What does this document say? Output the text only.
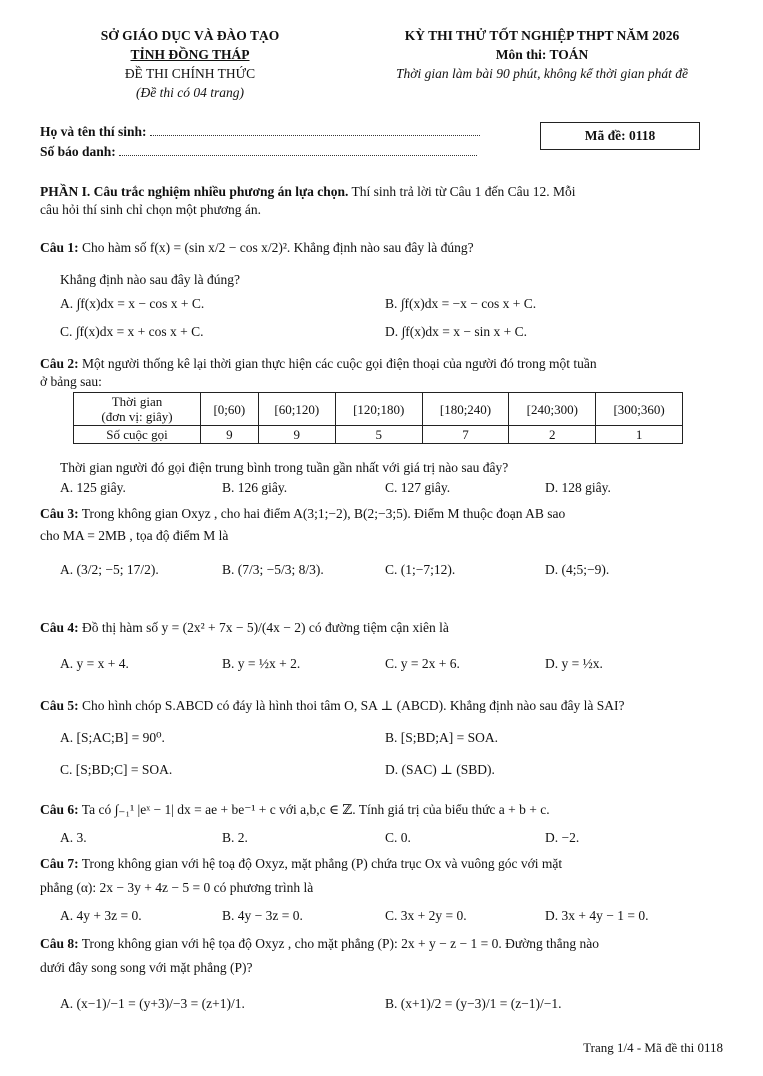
SỞ GIÁO DỤC VÀ ĐÀO TẠO
TỈNH ĐỒNG THÁP
ĐỀ THI CHÍNH THỨC
(Đề thi có 04 trang)
KỲ THI THỬ TỐT NGHIỆP THPT NĂM 2026
Môn thi: TOÁN
Thời gian làm bài 90 phút, không kể thời gian phát đề
Họ và tên thí sinh:
Số báo danh:
Mã đề: 0118
PHẦN I. Câu trắc nghiệm nhiều phương án lựa chọn. Thí sinh trả lời từ Câu 1 đến Câu 12. Mỗi
câu hỏi thí sinh chỉ chọn một phương án.
Câu 1: Cho hàm số f(x) = (sin x/2 − cos x/2)². Khẳng định nào sau đây là đúng?
Khẳng định nào sau đây là đúng?
A. ∫f(x)dx = x − cos x + C.	B. ∫f(x)dx = −x − cos x + C.
C. ∫f(x)dx = x + cos x + C.	D. ∫f(x)dx = x − sin x + C.
Câu 2: Một người thống kê lại thời gian thực hiện các cuộc gọi điện thoại của người đó trong một tuần
ở bảng sau:
Thời gian
(đơn vị: giây)	[0;60)	[60;120)	[120;180)	[180;240)	[240;300)	[300;360)
Số cuộc gọi	9	9	5	7	2	1
Thời gian người đó gọi điện trung bình trong tuần gần nhất với giá trị nào sau đây?
A. 125 giây.	B. 126 giây.	C. 127 giây.	D. 128 giây.
Câu 3: Trong không gian Oxyz , cho hai điểm A(3;1;−2), B(2;−3;5). Điểm M thuộc đoạn AB sao
cho MA = 2MB , tọa độ điểm M là
A. (3/2; −5; 17/2).	B. (7/3; −5/3; 8/3).	C. (1;−7;12).	D. (4;5;−9).
Câu 4: Đồ thị hàm số y = (2x² + 7x − 5)/(4x − 2) có đường tiệm cận xiên là
A. y = x + 4.	B. y = ½x + 2.	C. y = 2x + 6.	D. y = ½x.
Câu 5: Cho hình chóp S.ABCD có đáy là hình thoi tâm O, SA ⊥ (ABCD). Khẳng định nào sau đây là SAI?
A. [S;AC;B] = 90⁰.	B. [S;BD;A] = SOA.
C. [S;BD;C] = SOA.	D. (SAC) ⊥ (SBD).
Câu 6: Ta có ∫₋₁¹ |eˣ − 1| dx = ae + be⁻¹ + c với a,b,c ∈ ℤ. Tính giá trị của biểu thức a + b + c.
A. 3.	B. 2.	C. 0.	D. −2.
Câu 7: Trong không gian với hệ toạ độ Oxyz, mặt phẳng (P) chứa trục Ox và vuông góc với mặt
phẳng (α): 2x − 3y + 4z − 5 = 0 có phương trình là
A. 4y + 3z = 0.	B. 4y − 3z = 0.	C. 3x + 2y = 0.	D. 3x + 4y − 1 = 0.
Câu 8: Trong không gian với hệ tọa độ Oxyz , cho mặt phẳng (P): 2x + y − z − 1 = 0. Đường thẳng nào
dưới đây song song với mặt phẳng (P)?
A. (x−1)/−1 = (y+3)/−3 = (z+1)/1.	B. (x+1)/2 = (y−3)/1 = (z−1)/−1.
Trang 1/4 - Mã đề thi 0118
